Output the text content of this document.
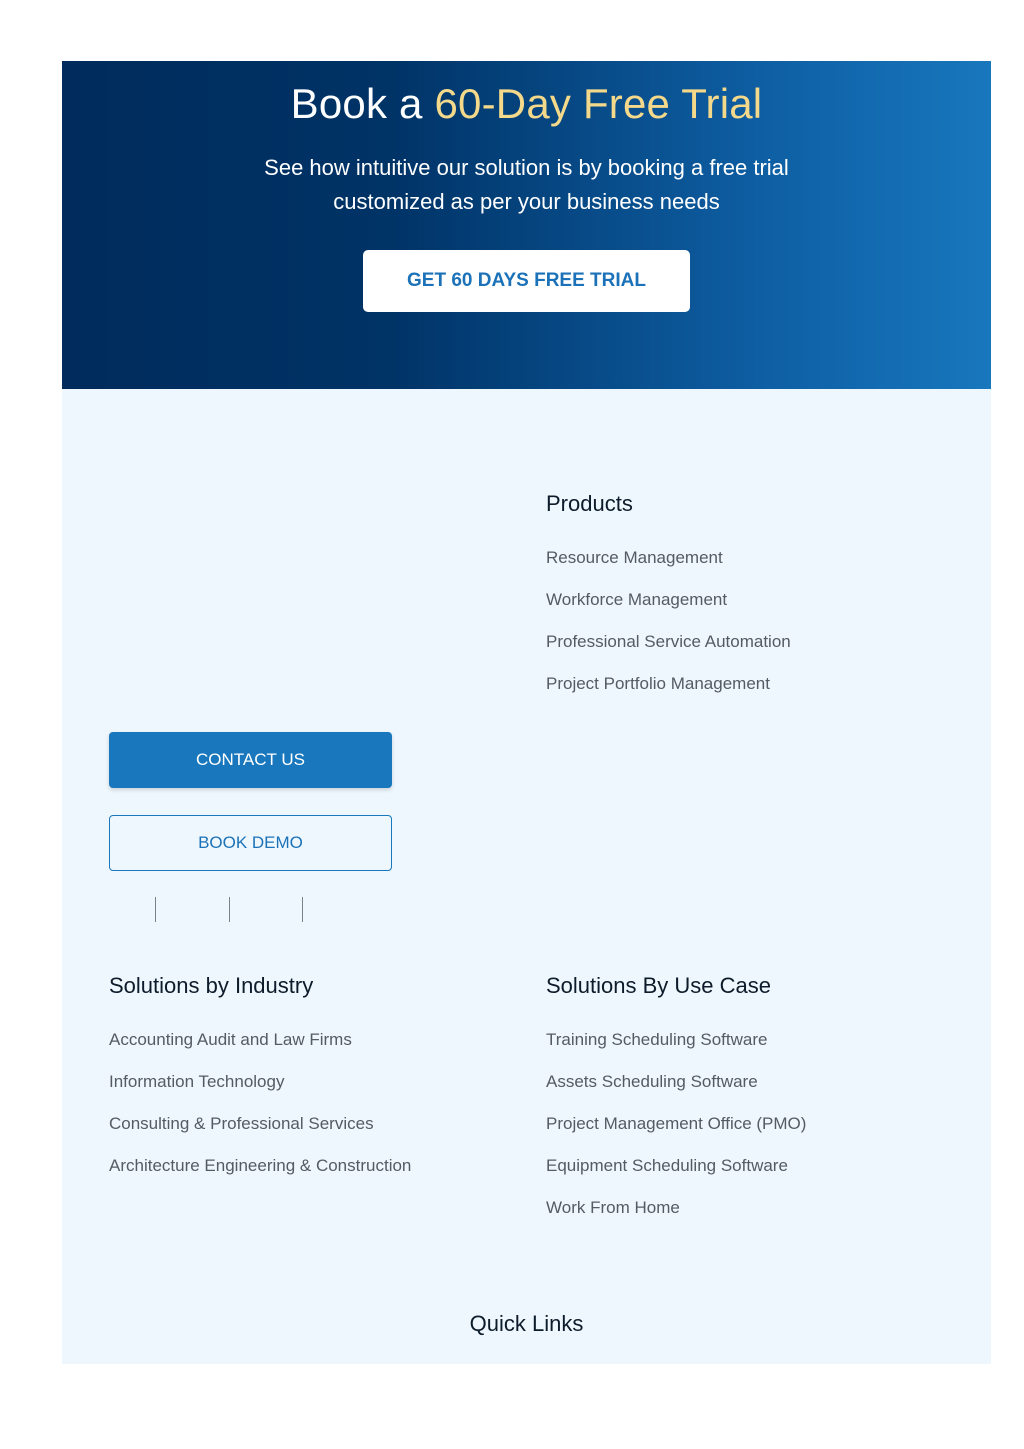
Book a 60-Day Free Trial

See how intuitive our solution is by booking a free trial
customized as per your business needs

GET 60 DAYS FREE TRIAL
Products
Resource Management
Workforce Management
Professional Service Automation
Project Portfolio Management
CONTACT US
BOOK DEMO
Solutions by Industry
Accounting Audit and Law Firms
Information Technology
Consulting & Professional Services
Architecture Engineering & Construction
Solutions By Use Case
Training Scheduling Software
Assets Scheduling Software
Project Management Office (PMO)
Equipment Scheduling Software
Work From Home
Quick Links
